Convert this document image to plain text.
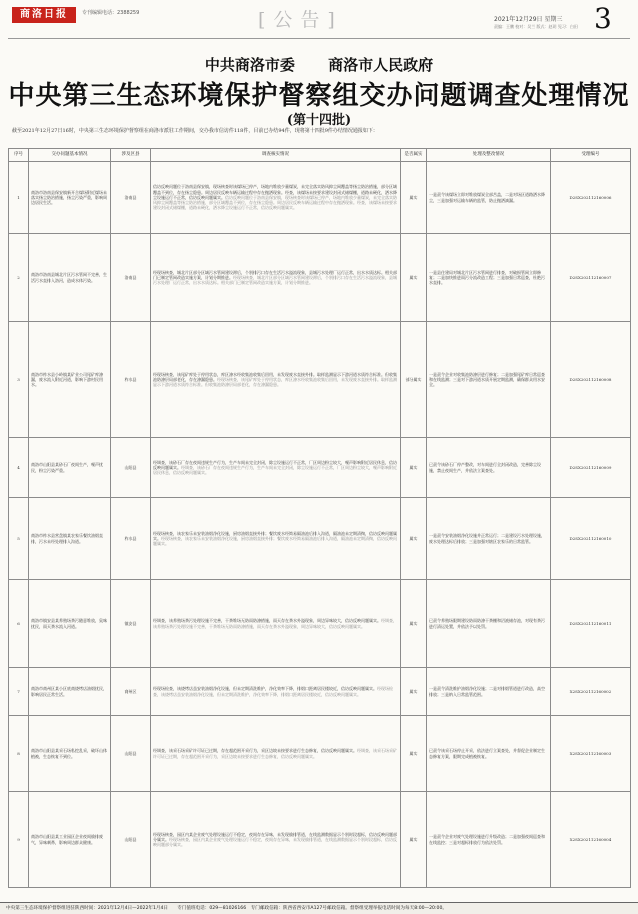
商洛日报	专刊编辑电话：2388259	[公告]	2021年12月29日 星期三
责编：王鹏 校对：吴兰 版式：赵玥 见习：白田 3
中共商洛市委 商洛市人民政府
中央第三生态环境保护督察组交办问题调查处理情况
(第十四批)
截至2021年12月27日16时，中央第三生态环境保护督察组在商洛市派驻工作期间，交办我市信访件118件，目前已办结94件，现将第十四批9件办结情况通报如下：
序号	交办问题基本情况	涉及区县	调查核实情况	是否属实	处理及整改情况	受理编号
1	商洛市洛南县保安镇新开合煤场附近煤场未落实扬尘防治措施，扬尘污染严重，影响周边居民生活。	洛南县	信访反映问题位于洛南县保安镇，现场核查时该煤场已停产，场地内堆放少量煤炭，未完全落实防风抑尘网覆盖等扬尘防治措施，部分区域覆盖不到位，存在扬尘隐患。周边居民反映车辆运输过程中存在抛洒现象。经查，该煤场未按要求建设封闭式储煤棚，道路未硬化，洒水降尘设施运行不正常，信访反映问题属实。信访反映问题位于洛南县保安镇，现场核查时该煤场已停产，场地内堆放少量煤炭，未完全落实防风抑尘网覆盖等扬尘防治措施，部分区域覆盖不到位，存在扬尘隐患。周边居民反映车辆运输过程中存在抛洒现象。经查，该煤场未按要求建设封闭式储煤棚，道路未硬化，洒水降尘设施运行不正常，信访反映问题属实。	属实	一是责令该煤场立即对堆放煤炭全部苫盖，二是对场区道路洒水降尘，三是加强对运输车辆的监管，防止抛洒滴漏。	D2SX202112160006
2	商洛市洛南县城北片区污水管网不完善，生活污水直排入洛河，造成水体污染。	洛南县	经现场核查，城北片区部分区域污水管网建设滞后，个别排污口存在生活污水溢流现象，县城污水处理厂运行正常，出水水质达标。相关部门已制定管网改造实施方案，计划分期推进。经现场核查，城北片区部分区域污水管网建设滞后，个别排污口存在生活污水溢流现象，县城污水处理厂运行正常，出水水质达标。相关部门已制定管网改造实施方案，计划分期推进。	属实	一是县住建局对城北片区污水管网进行排查，对破损管网立即修复；二是加快推进雨污分流改造工程；三是加强日常巡查，杜绝污水直排。	D2SX202112160007
3	商洛市柞水县小岭镇某矿业公司尾矿库渗漏，废水流入附近河道，影响下游村民用水。	柞水县	经现场核查，该尾矿库处于停用状态，库区渗水经收集池收集后回用，未发现废水直接外排。取样监测显示下游河道水质符合标准。但收集池防渗层局部老化，存在渗漏隐患。经现场核查，该尾矿库处于停用状态，库区渗水经收集池收集后回用，未发现废水直接外排。取样监测显示下游河道水质符合标准。但收集池防渗层局部老化，存在渗漏隐患。	部分属实	一是责令企业对收集池防渗层进行修复；二是加强尾矿库日常巡查和在线监测；三是对下游河道水质开展定期监测，确保群众用水安全。	D2SX202112160008
4	商洛市山阳县某砂石厂夜间生产，噪声扰民，粉尘污染严重。	山阳县	经调查，该砂石厂存在夜间违规生产行为，生产车间未完全封闭，除尘设施运行不正常，厂区周边粉尘较大，噪声影响附近居民休息，信访反映问题属实。经调查，该砂石厂存在夜间违规生产行为，生产车间未完全封闭，除尘设施运行不正常，厂区周边粉尘较大，噪声影响附近居民休息，信访反映问题属实。	属实	已责令该砂石厂停产整改，对车间进行全封闭改造，完善除尘设施，禁止夜间生产，并依法立案查处。	D2SX202112160009
5	商洛市柞水县营盘镇某农家乐餐饮油烟直排，污水未经处理排入沟道。	柞水县	经现场核查，该农家乐未安装油烟净化设施，厨房油烟直接外排；餐饮废水经简易隔油池后排入沟道，隔油池未定期清掏，信访反映问题属实。经现场核查，该农家乐未安装油烟净化设施，厨房油烟直接外排；餐饮废水经简易隔油池后排入沟道，隔油池未定期清掏，信访反映问题属实。	属实	一是责令安装油烟净化设施并正常运行；二是建设污水处理设施，废水处理达标后排放；三是加强对辖区农家乐的日常监管。	D2SX202112160010
6	商洛市镇安县某养殖场粪污随意堆放，臭味扰民，雨天粪水流入河道。	镇安县	经调查，该养殖场粪污处理设施不完善，干粪堆场无防雨防渗措施，雨天存在粪水外溢现象，周边异味较大，信访反映问题属实。经调查，该养殖场粪污处理设施不完善，干粪堆场无防雨防渗措施，雨天存在粪水外溢现象，周边异味较大，信访反映问题属实。	属实	已责令养殖场限期建设防雨防渗干粪棚和沼液储存池，对现有粪污进行清运处置，并依法予以处罚。	D2SX202112160011
7	商洛市商州区某小区底商烧烤店油烟扰民，影响居民正常生活。	商州区	经现场检查，该烧烤店虽安装油烟净化设施，但未定期清洗维护，净化效率下降，排烟口距离居民楼较近，信访反映问题属实。经现场检查，该烧烤店虽安装油烟净化设施，但未定期清洗维护，净化效率下降，排烟口距离居民楼较近，信访反映问题属实。	属实	一是责令清洗维护油烟净化设施；二是对排烟管道进行改造，高空排放；三是纳入日常监管范围。	X2SX202112160002
8	商洛市山阳县某采石场私挖乱采，破坏山体植被，生态恢复不到位。	山阳县	经调查，该采石场采矿许可证已过期，存在超范围开采行为，采区边坡未按要求进行生态修复，信访反映问题属实。经调查，该采石场采矿许可证已过期，存在超范围开采行为，采区边坡未按要求进行生态修复，信访反映问题属实。	属实	已责令该采石场停止开采，依法进行立案查处，并督促企业制定生态修复方案，限期完成植被恢复。	X2SX202112160003
9	商洛市山阳县某工业园区企业夜间偷排废气，异味刺鼻，影响周边群众健康。	山阳县	经现场核查，园区内某企业废气处理设施运行不稳定，夜间存在异味，未发现偷排管道，在线监测数据显示个别时段超标，信访反映问题部分属实。经现场核查，园区内某企业废气处理设施运行不稳定，夜间存在异味，未发现偷排管道，在线监测数据显示个别时段超标，信访反映问题部分属实。	属实	一是责令企业对废气处理设施进行升级改造；二是加强夜间巡查和在线监控；三是对超标排放行为依法处罚。	X2SX202112160004
中央第三生态环境保护督察组进驻陕西时间：2021年12月4日—2022年1月4日　　专门值班电话：029—81026166　专门邮政信箱：陕西省西安市A127号邮政信箱。督察组受理举报电话时间为每天8:00—20:00。
